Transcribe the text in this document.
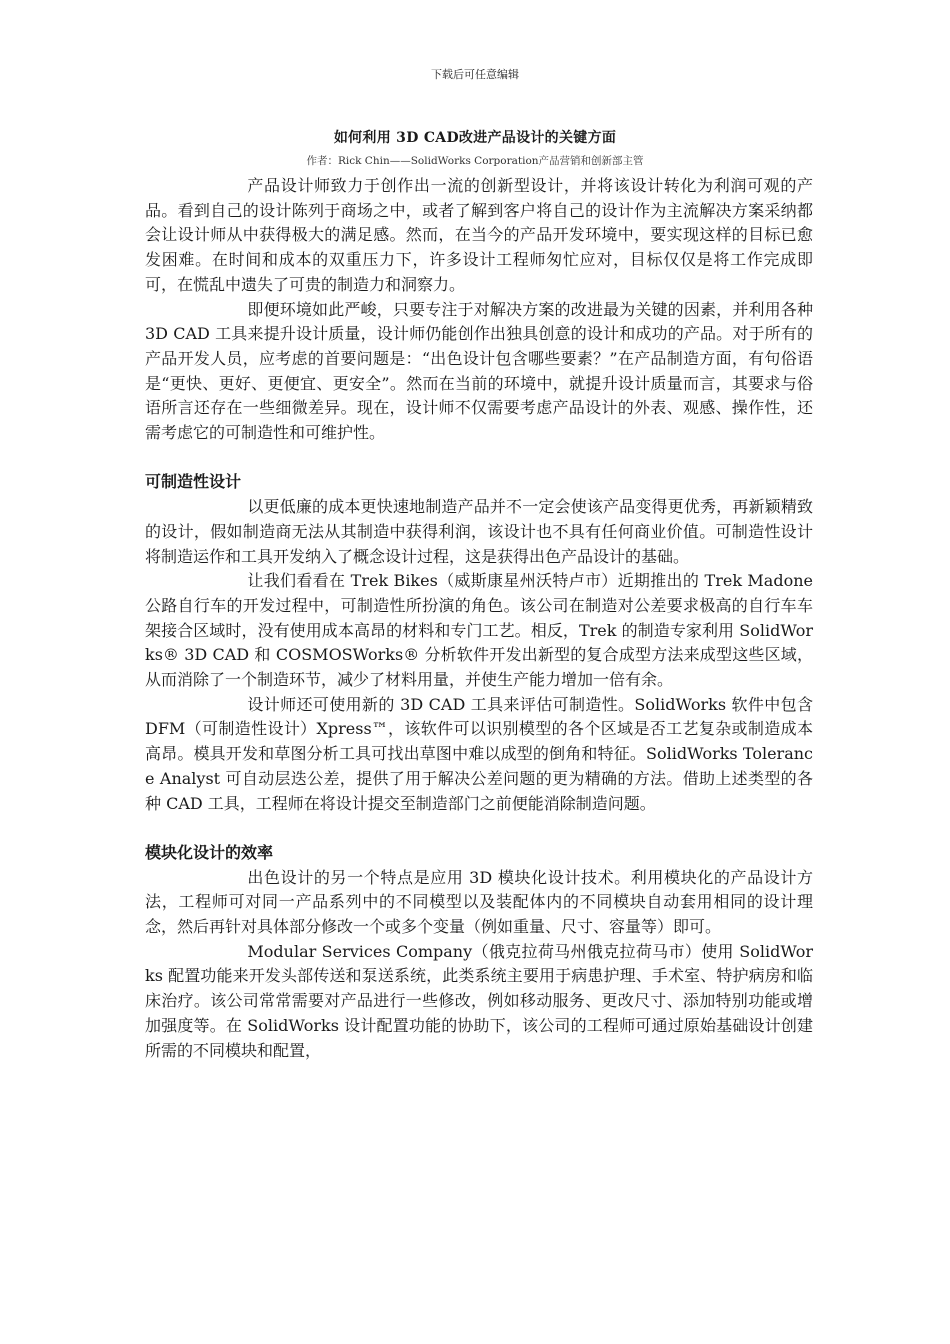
下载后可任意编辑
如何利用 3D CAD改进产品设计的关键方面
作者：Rick Chin——SolidWorks Corporation产品营销和创新部主管

产品设计师致力于创作出一流的创新型设计，并将该设计转化为利润可观的产品。看到自己的设计陈列于商场之中，或者了解到客户将自己的设计作为主流解决方案采纳都会让设计师从中获得极大的满足感。然而，在当今的产品开发环境中，要实现这样的目标已愈发困难。在时间和成本的双重压力下，许多设计工程师匆忙应对，目标仅仅是将工作完成即可，在慌乱中遗失了可贵的制造力和洞察力。

即便环境如此严峻，只要专注于对解决方案的改进最为关键的因素，并利用各种 3D CAD 工具来提升设计质量，设计师仍能创作出独具创意的设计和成功的产品。对于所有的产品开发人员，应考虑的首要问题是：“出色设计包含哪些要素？”在产品制造方面，有句俗语是“更快、更好、更便宜、更安全”。然而在当前的环境中，就提升设计质量而言，其要求与俗语所言还存在一些细微差异。现在，设计师不仅需要考虑产品设计的外表、观感、操作性，还需考虑它的可制造性和可维护性。

可制造性设计

以更低廉的成本更快速地制造产品并不一定会使该产品变得更优秀，再新颖精致的设计，假如制造商无法从其制造中获得利润，该设计也不具有任何商业价值。可制造性设计将制造运作和工具开发纳入了概念设计过程，这是获得出色产品设计的基础。

让我们看看在 Trek Bikes（威斯康星州沃特卢市）近期推出的 Trek Madone 公路自行车的开发过程中，可制造性所扮演的角色。该公司在制造对公差要求极高的自行车车架接合区域时，没有使用成本高昂的材料和专门工艺。相反，Trek 的制造专家利用 SolidWorks® 3D CAD 和 COSMOSWorks® 分析软件开发出新型的复合成型方法来成型这些区域，从而消除了一个制造环节，减少了材料用量，并使生产能力增加一倍有余。

设计师还可使用新的 3D CAD 工具来评估可制造性。SolidWorks 软件中包含 DFM（可制造性设计）Xpress™，该软件可以识别模型的各个区域是否工艺复杂或制造成本高昂。模具开发和草图分析工具可找出草图中难以成型的倒角和特征。SolidWorks Tolerance Analyst 可自动层迭公差，提供了用于解决公差问题的更为精确的方法。借助上述类型的各种 CAD 工具，工程师在将设计提交至制造部门之前便能消除制造问题。

模块化设计的效率

出色设计的另一个特点是应用 3D 模块化设计技术。利用模块化的产品设计方法，工程师可对同一产品系列中的不同模型以及装配体内的不同模块自动套用相同的设计理念，然后再针对具体部分修改一个或多个变量（例如重量、尺寸、容量等）即可。

Modular Services Company（俄克拉荷马州俄克拉荷马市）使用 SolidWorks 配置功能来开发头部传送和泵送系统，此类系统主要用于病患护理、手术室、特护病房和临床治疗。该公司常常需要对产品进行一些修改，例如移动服务、更改尺寸、添加特别功能或增加强度等。在 SolidWorks 设计配置功能的协助下，该公司的工程师可通过原始基础设计创建所需的不同模块和配置，
